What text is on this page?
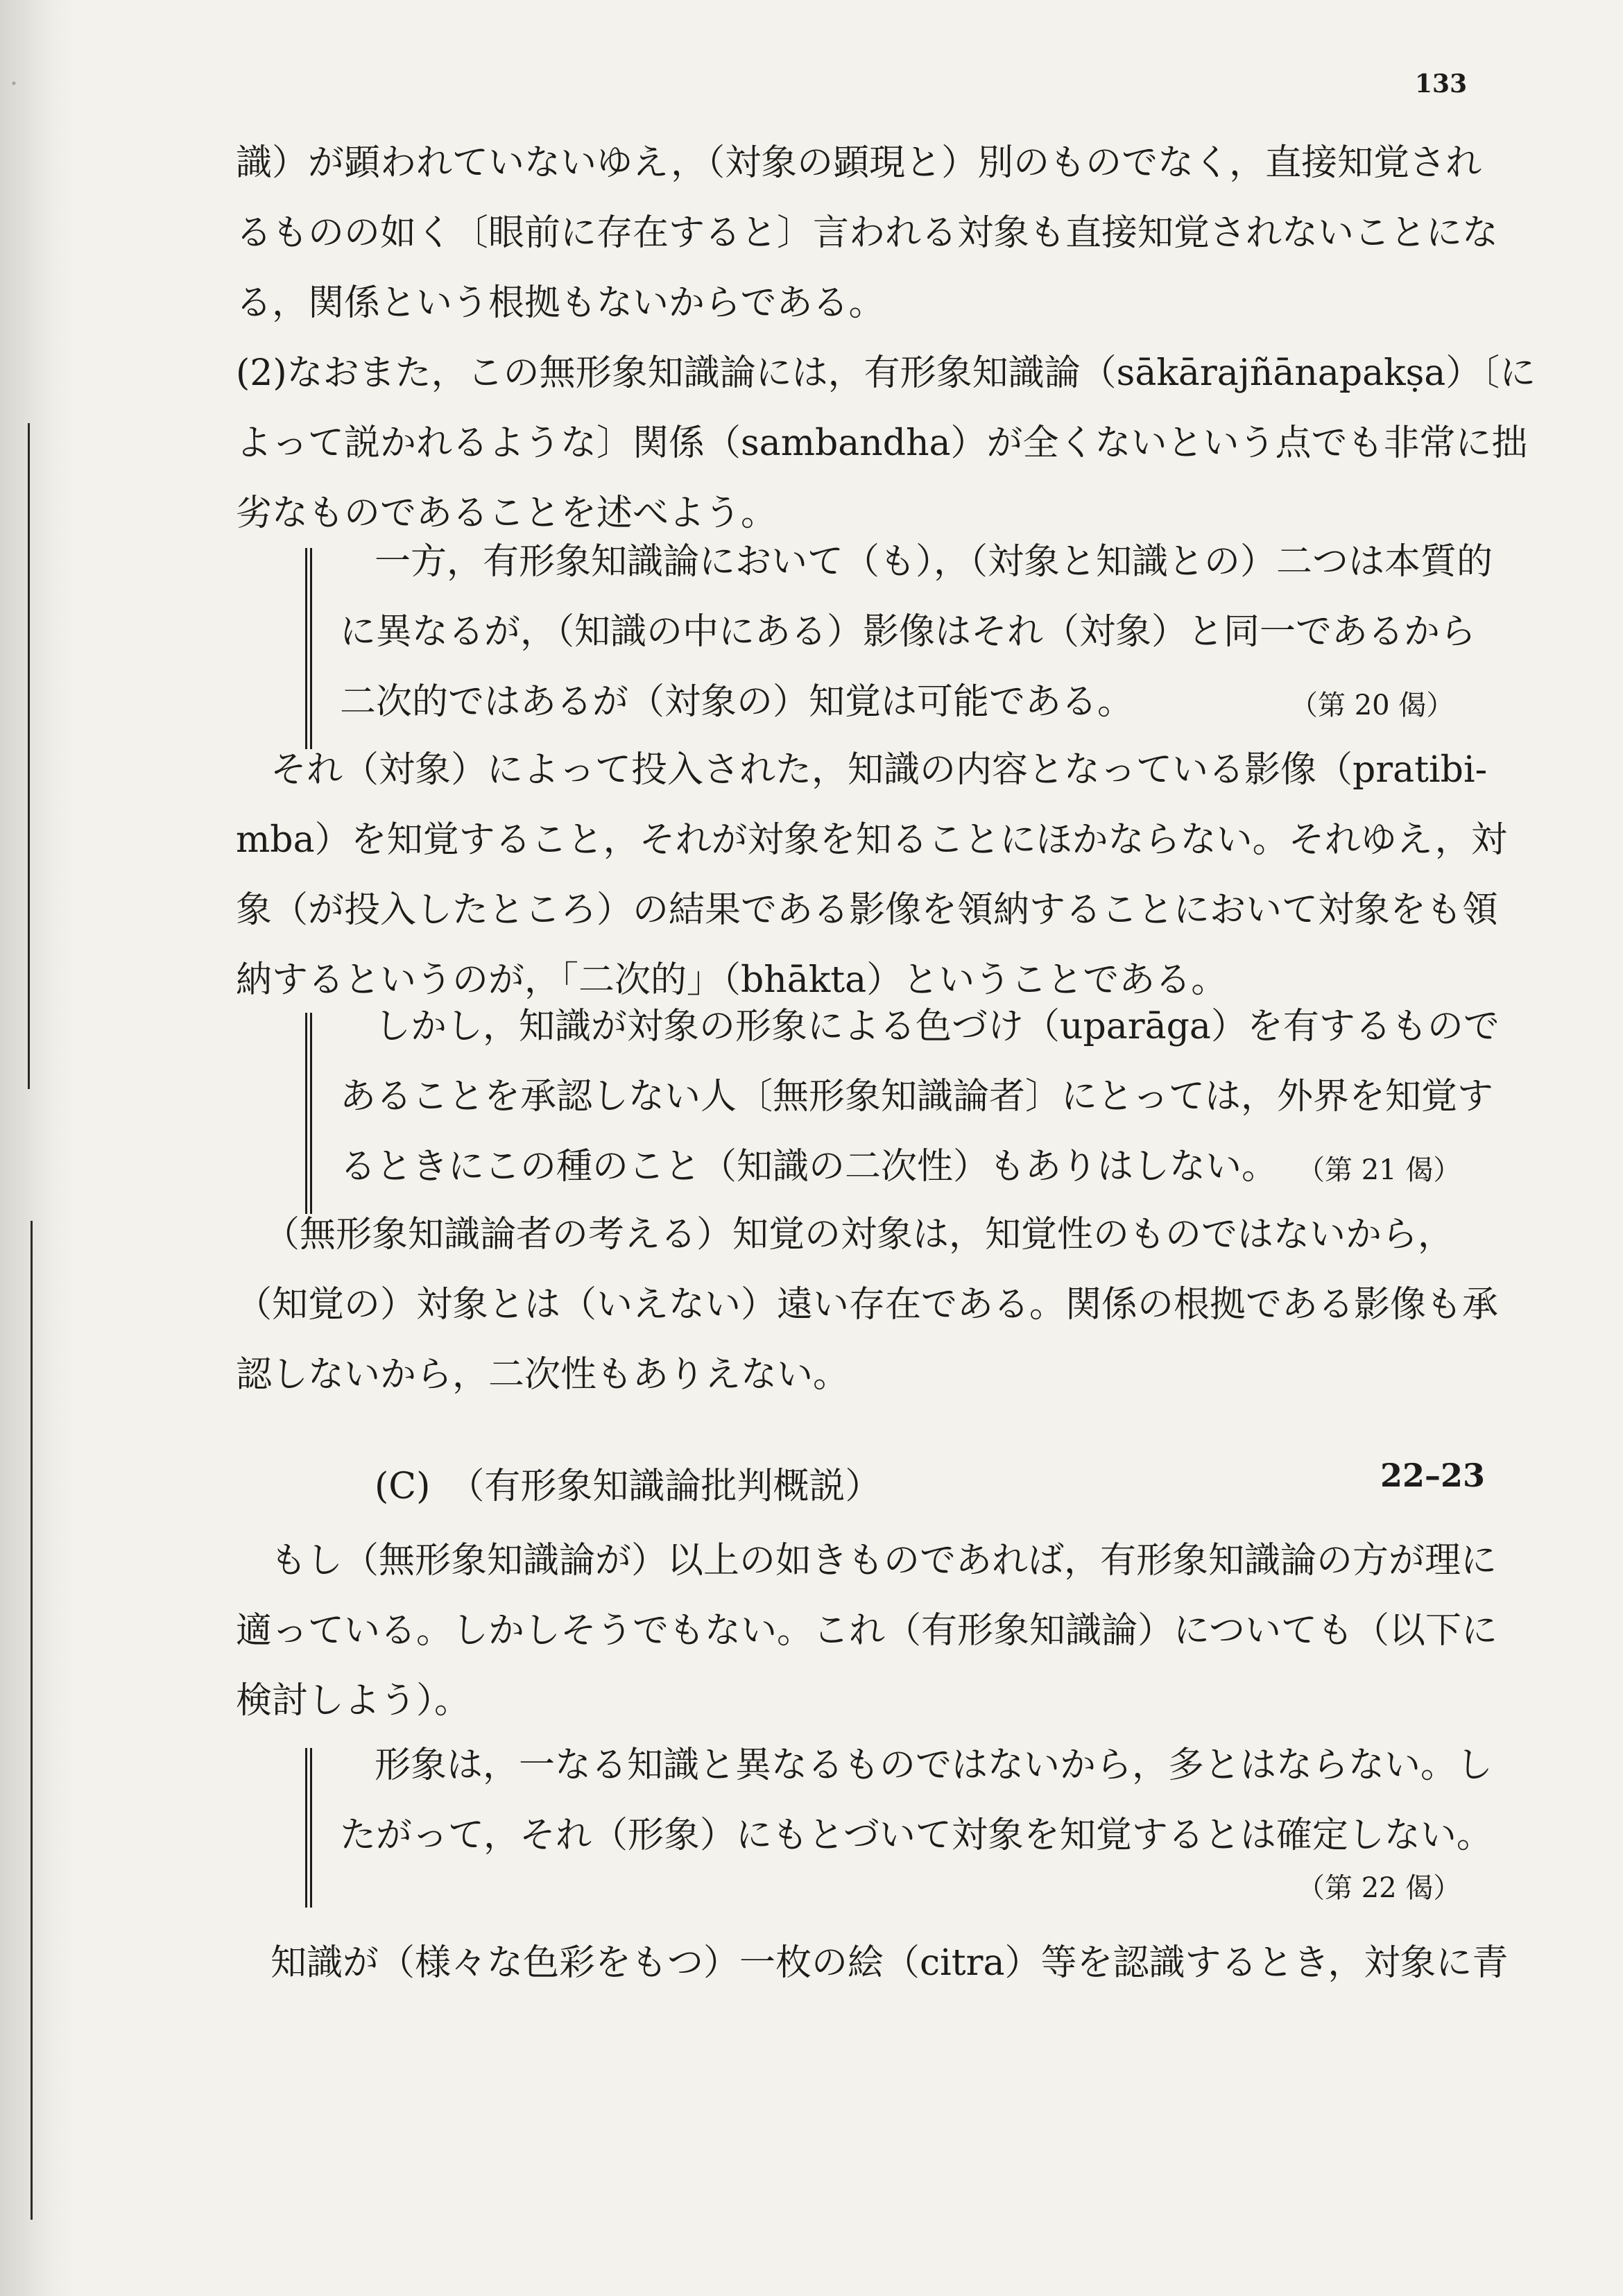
133
識）が顕われていないゆえ，（対象の顕現と）別のものでなく，直接知覚され
るものの如く〔眼前に存在すると〕言われる対象も直接知覚されないことにな
る，関係という根拠もないからである。
(2)なおまた，この無形象知識論には，有形象知識論（sākārajñānapakṣa）〔に
よって説かれるような〕関係（sambandha）が全くないという点でも非常に拙
劣なものであることを述べよう。
一方，有形象知識論において（も），（対象と知識との）二つは本質的
に異なるが，（知識の中にある）影像はそれ（対象）と同一であるから
二次的ではあるが（対象の）知覚は可能である。	（第 20 偈）
それ（対象）によって投入された，知識の内容となっている影像（pratibi-
mba）を知覚すること，それが対象を知ることにほかならない。それゆえ，対
象（が投入したところ）の結果である影像を領納することにおいて対象をも領
納するというのが，「二次的」（bhākta）ということである。
しかし，知識が対象の形象による色づけ（uparāga）を有するもので
あることを承認しない人〔無形象知識論者〕にとっては，外界を知覚す
るときにこの種のこと（知識の二次性）もありはしない。 （第 21 偈）
（無形象知識論者の考える）知覚の対象は，知覚性のものではないから，
（知覚の）対象とは（いえない）遠い存在である。関係の根拠である影像も承
認しないから，二次性もありえない。
(C)　（有形象知識論批判概説）	22–23
もし（無形象知識論が）以上の如きものであれば，有形象知識論の方が理に
適っている。しかしそうでもない。これ（有形象知識論）についても（以下に
検討しよう）。
形象は，一なる知識と異なるものではないから，多とはならない。し
たがって，それ（形象）にもとづいて対象を知覚するとは確定しない。
（第 22 偈）
知識が（様々な色彩をもつ）一枚の絵（citra）等を認識するとき，対象に青
